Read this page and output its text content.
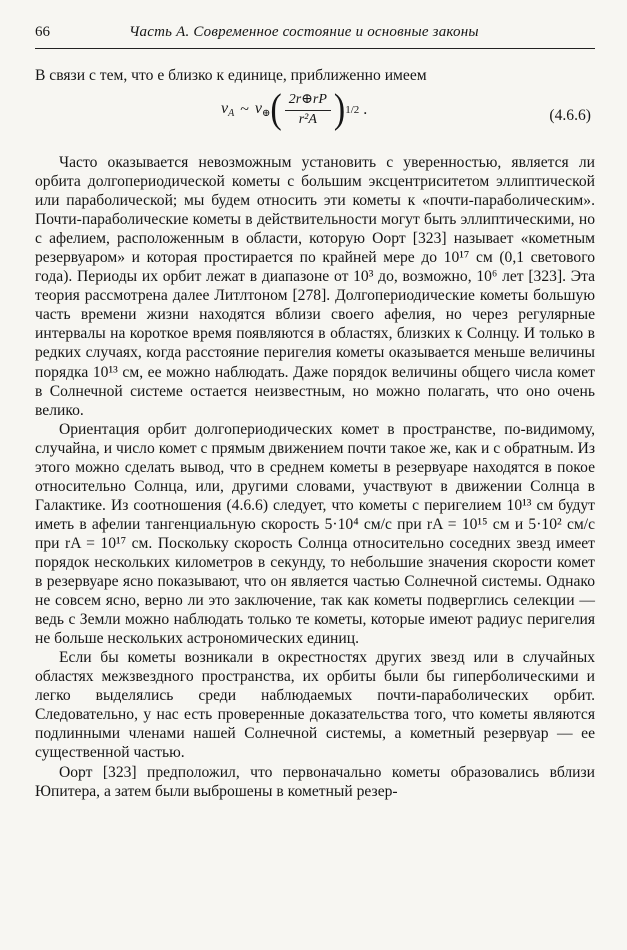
66	Часть А. Современное состояние и основные законы
В связи с тем, что e близко к единице, приближенно имеем
$v_A$ ~ $v_\oplus$ ( $\frac{2r\oplus rP}{\text{r²A}}$ ) 1/2 .	(4.6.6)

Часто оказывается невозможным установить с уверенностью, является ли орбита долгопериодической кометы с большим эксцентриситетом эллиптической или параболической; мы будем относить эти кометы к «почти-параболическим». Почти-параболические кометы в действительности могут быть эллиптическими, но с афелием, расположенным в области, которую Оорт [323] называет «кометным резервуаром» и которая простирается по крайней мере до 10¹⁷ см (0,1 светового года). Периоды их орбит лежат в диапазоне от 10³ до, возможно, 10⁶ лет [323]. Эта теория рассмотрена далее Литлтоном [278]. Долгопериодические кометы большую часть времени жизни находятся вблизи своего афелия, но через регулярные интервалы на короткое время появляются в областях, близких к Солнцу. И только в редких случаях, когда расстояние перигелия кометы оказывается меньше величины порядка 10¹³ см, ее можно наблюдать. Даже порядок величины общего числа комет в Солнечной системе остается неизвестным, но можно полагать, что оно очень велико.

Ориентация орбит долгопериодических комет в пространстве, по-видимому, случайна, и число комет с прямым движением почти такое же, как и с обратным. Из этого можно сделать вывод, что в среднем кометы в резервуаре находятся в покое относительно Солнца, или, другими словами, участвуют в движении Солнца в Галактике. Из соотношения (4.6.6) следует, что кометы с перигелием 10¹³ см будут иметь в афелии тангенциальную скорость 5·10⁴ см/с при rA = 10¹⁵ см и 5·10² см/с при rA = 10¹⁷ см. Поскольку скорость Солнца относительно соседних звезд имеет порядок нескольких километров в секунду, то небольшие значения скорости комет в резервуаре ясно показывают, что он является частью Солнечной системы. Однако не совсем ясно, верно ли это заключение, так как кометы подверглись селекции — ведь с Земли можно наблюдать только те кометы, которые имеют радиус перигелия не больше нескольких астрономических единиц.

Если бы кометы возникали в окрестностях других звезд или в случайных областях межзвездного пространства, их орбиты были бы гиперболическими и легко выделялись среди наблюдаемых почти-параболических орбит. Следовательно, у нас есть проверенные доказательства того, что кометы являются подлинными членами нашей Солнечной системы, а кометный резервуар — ее существенной частью.

Оорт [323] предположил, что первоначально кометы образовались вблизи Юпитера, а затем были выброшены в кометный резер-
